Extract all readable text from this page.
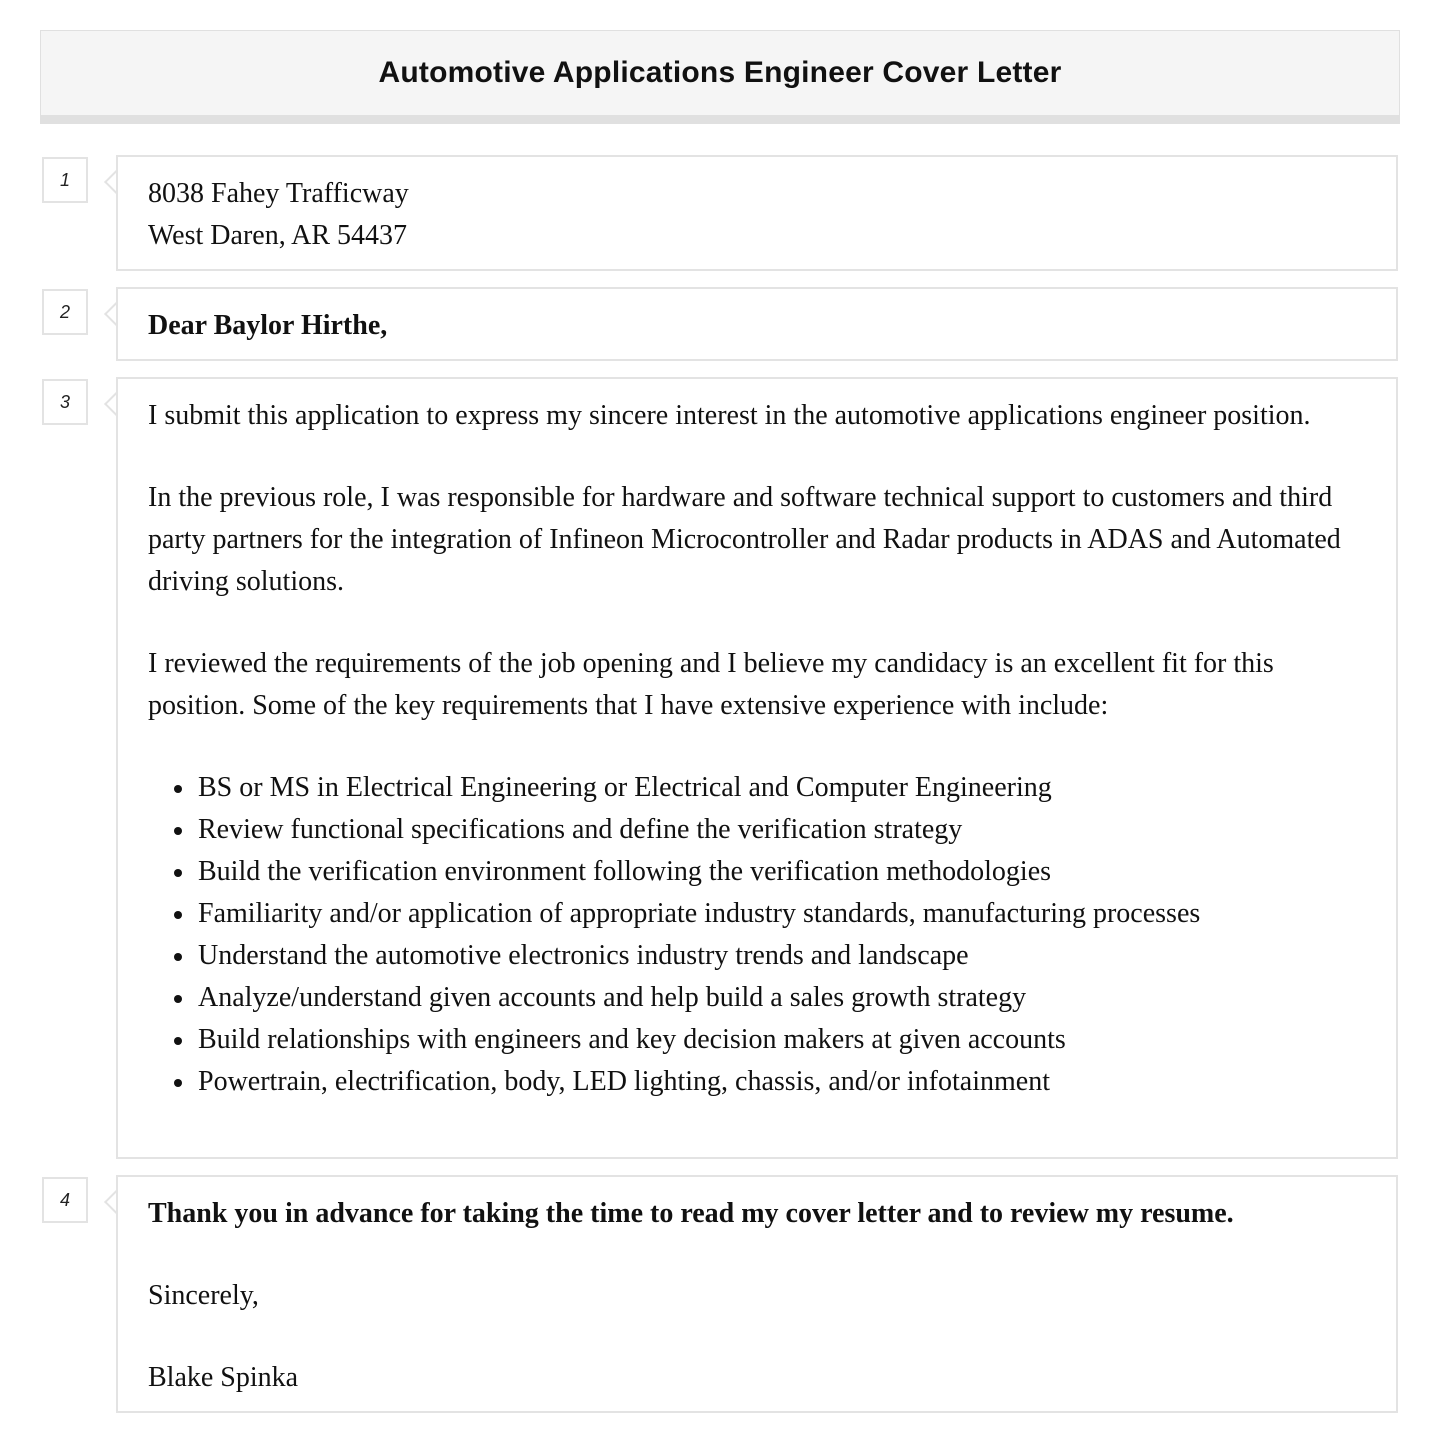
Automotive Applications Engineer Cover Letter
1	8038 Fahey Trafficway

West Daren, AR 54437

2	Dear Baylor Hirthe,

3	I submit this application to express my sincere interest in the automotive applications engineer position.

In the previous role, I was responsible for hardware and software technical support to customers and third party partners for the integration of Infineon Microcontroller and Radar products in ADAS and Automated driving solutions.

I reviewed the requirements of the job opening and I believe my candidacy is an excellent fit for this position. Some of the key requirements that I have extensive experience with include:

BS or MS in Electrical Engineering or Electrical and Computer Engineering
Review functional specifications and define the verification strategy
Build the verification environment following the verification methodologies
Familiarity and/or application of appropriate industry standards, manufacturing processes
Understand the automotive electronics industry trends and landscape
Analyze/understand given accounts and help build a sales growth strategy
Build relationships with engineers and key decision makers at given accounts
Powertrain, electrification, body, LED lighting, chassis, and/or infotainment
4	Thank you in advance for taking the time to read my cover letter and to review my resume.

Sincerely,

Blake Spinka
